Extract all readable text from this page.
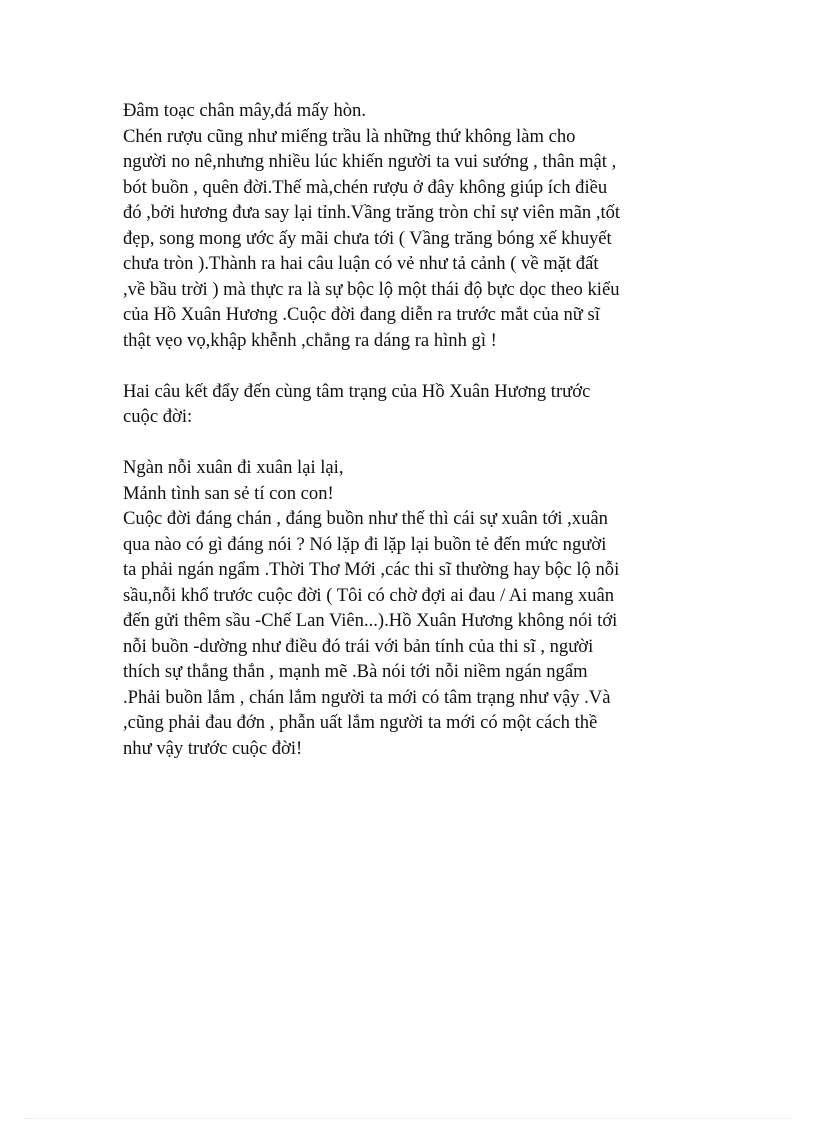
Đâm toạc chân mây,đá mấy hòn.
Chén rượu cũng như miếng trầu là những thứ không làm cho
người no nê,nhưng nhiều lúc khiến người ta vui sướng , thân mật ,
bót buồn , quên đời.Thế mà,chén rượu ở đây không giúp ích điều
đó ,bởi hương đưa say lại tỉnh.Vầng trăng tròn chỉ sự viên mãn ,tốt
đẹp, song mong ước ấy mãi chưa tới ( Vầng trăng bóng xế khuyết
chưa tròn ).Thành ra hai câu luận có vẻ như tả cảnh ( về mặt đất
,về bầu trời ) mà thực ra là sự bộc lộ một thái độ bực dọc theo kiểu
của Hồ Xuân Hương .Cuộc đời đang diễn ra trước mắt của nữ sĩ
thật vẹo vọ,khập khễnh ,chẳng ra dáng ra hình gì !
Hai câu kết đẩy đến cùng tâm trạng của Hồ Xuân Hương trước
cuộc đời:
Ngàn nỗi xuân đi xuân lại lại,
Mảnh tình san sẻ tí con con!
Cuộc đời đáng chán , đáng buồn như thế thì cái sự xuân tới ,xuân
qua nào có gì đáng nói ? Nó lặp đi lặp lại buồn tẻ đến mức người
ta phải ngán ngẩm .Thời Thơ Mới ,các thi sĩ thường hay bộc lộ nỗi
sầu,nỗi khổ trước cuộc đời ( Tôi có chờ đợi ai đau / Ai mang xuân
đến gửi thêm sầu -Chế Lan Viên...).Hồ Xuân Hương không nói tới
nỗi buồn -dường như điều đó trái với bản tính của thi sĩ , người
thích sự thẳng thắn , mạnh mẽ .Bà nói tới nỗi niềm ngán ngẩm
.Phải buồn lắm , chán lắm người ta mới có tâm trạng như vậy .Và
,cũng phải đau đớn , phẫn uất lắm người ta mới có một cách thề
như vậy trước cuộc đời!
